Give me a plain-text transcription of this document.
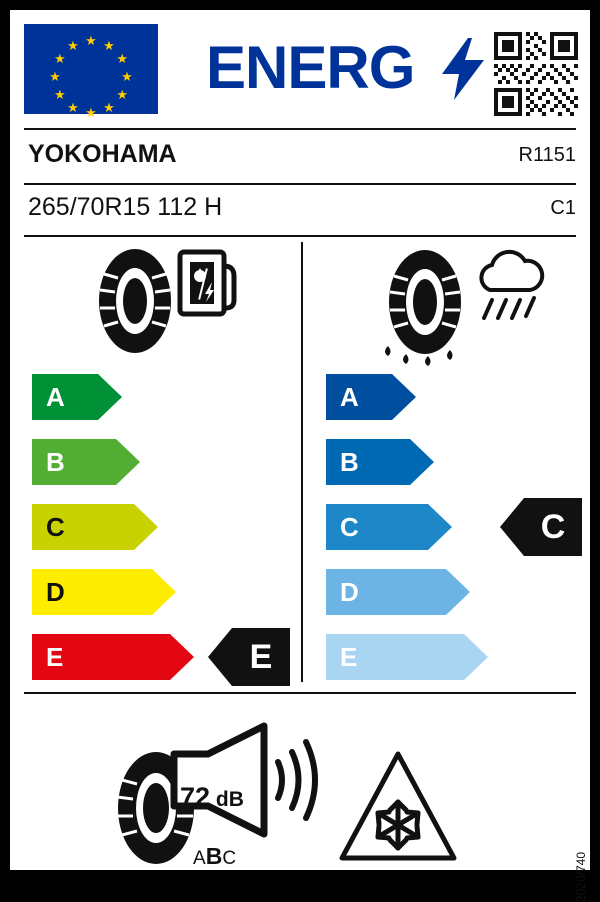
★ ★
★
★
★
★
★
★
★
★
★
★ ENERG
YOKOHAMA	R1151
265/70R15 112 H	C1
A
B
C
D
E	E
A
B
C
D
E
C
72 dB
ABC	2020/740
